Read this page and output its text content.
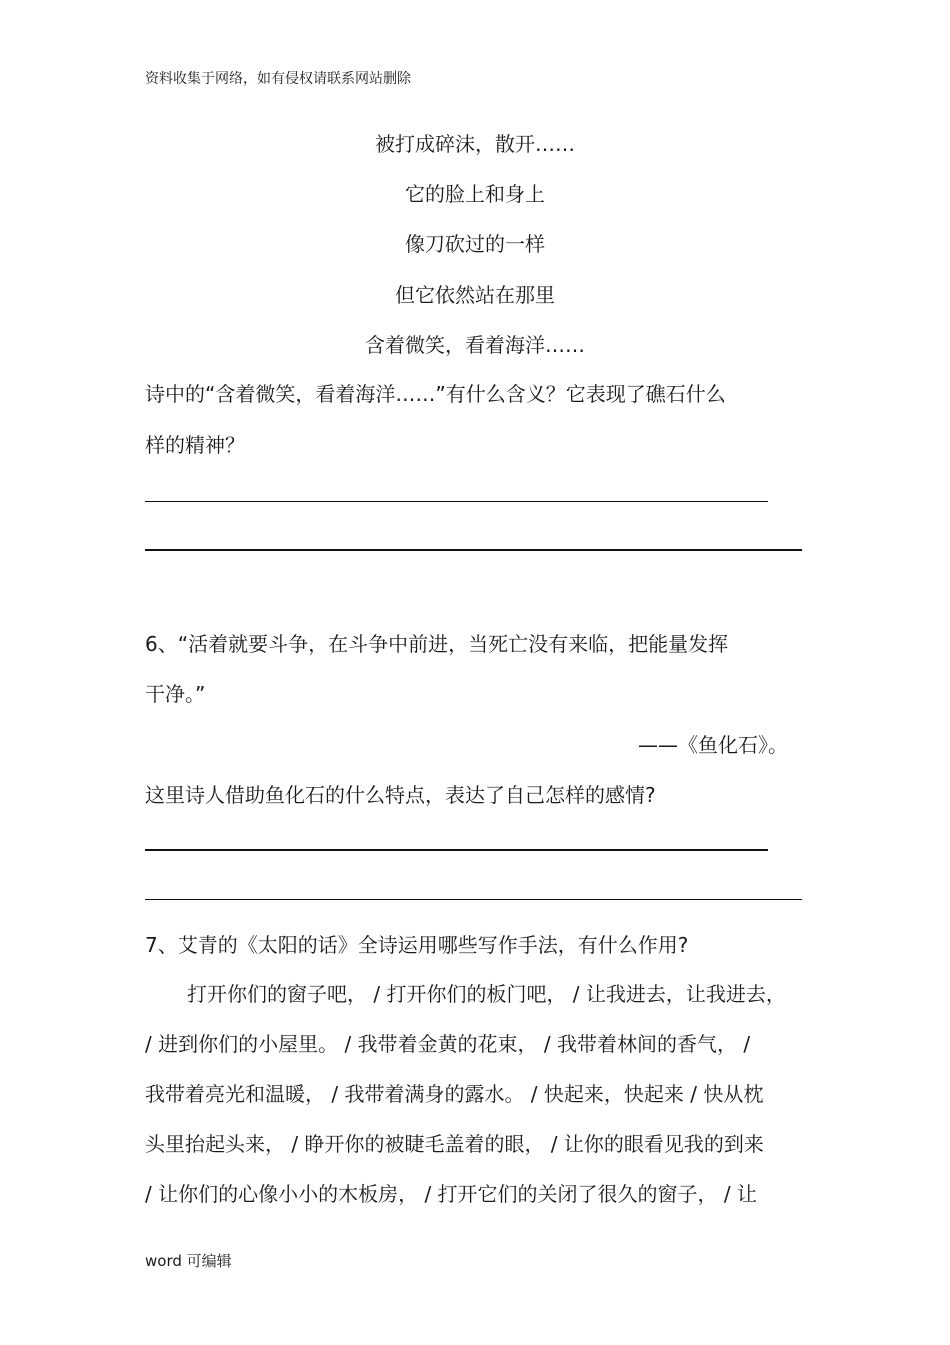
资料收集于网络，如有侵权请联系网站删除
被打成碎沫，散开……
它的脸上和身上
像刀砍过的一样
但它依然站在那里
含着微笑，看着海洋……
诗中的“含着微笑，看着海洋……”有什么含义？它表现了礁石什么
样的精神？
6、“活着就要斗争，在斗争中前进，当死亡没有来临，把能量发挥
干净。”
——《鱼化石》。
这里诗人借助鱼化石的什么特点，表达了自己怎样的感情?
7、艾青的《太阳的话》全诗运用哪些写作手法，有什么作用?
打开你们的窗子吧， / 打开你们的板门吧， / 让我进去，让我进去，
/ 进到你们的小屋里。 / 我带着金黄的花束， / 我带着林间的香气， /
我带着亮光和温暖， / 我带着满身的露水。 / 快起来，快起来 / 快从枕
头里抬起头来， / 睁开你的被睫毛盖着的眼， / 让你的眼看见我的到来
/ 让你们的心像小小的木板房， / 打开它们的关闭了很久的窗子， / 让
word 可编辑
